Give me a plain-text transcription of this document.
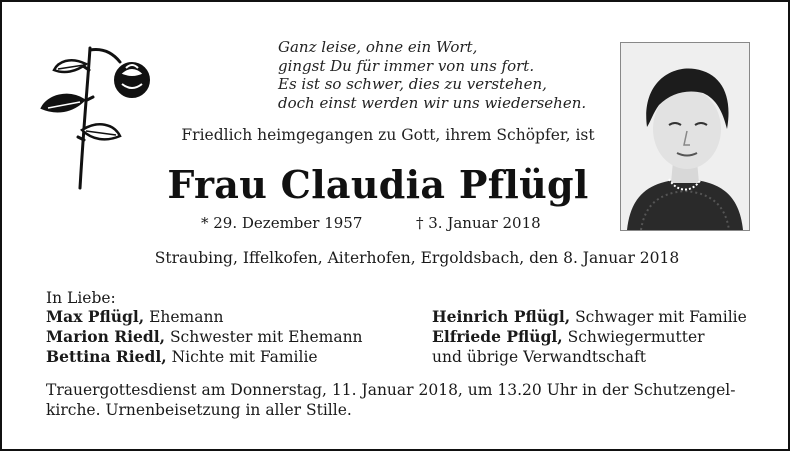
Ganz leise, ohne ein Wort,
gingst Du für immer von uns fort.
Es ist so schwer, dies zu verstehen,
doch einst werden wir uns wiedersehen.
Friedlich heimgegangen zu Gott, ihrem Schöpfer, ist
Frau Claudia Pflügl
* 29. Dezember 1957	† 3. Januar 2018
Straubing, Iffelkofen, Aiterhofen, Ergoldsbach, den 8. Januar 2018
In Liebe:
Max Pflügl, Ehemann
Marion Riedl, Schwester mit Ehemann
Bettina Riedl, Nichte mit Familie
Heinrich Pflügl, Schwager mit Familie
Elfriede Pflügl, Schwiegermutter
und übrige Verwandtschaft
Trauergottesdienst am Donnerstag, 11. Januar 2018, um 13.20 Uhr in der Schutzengel-
kirche. Urnenbeisetzung in aller Stille.
